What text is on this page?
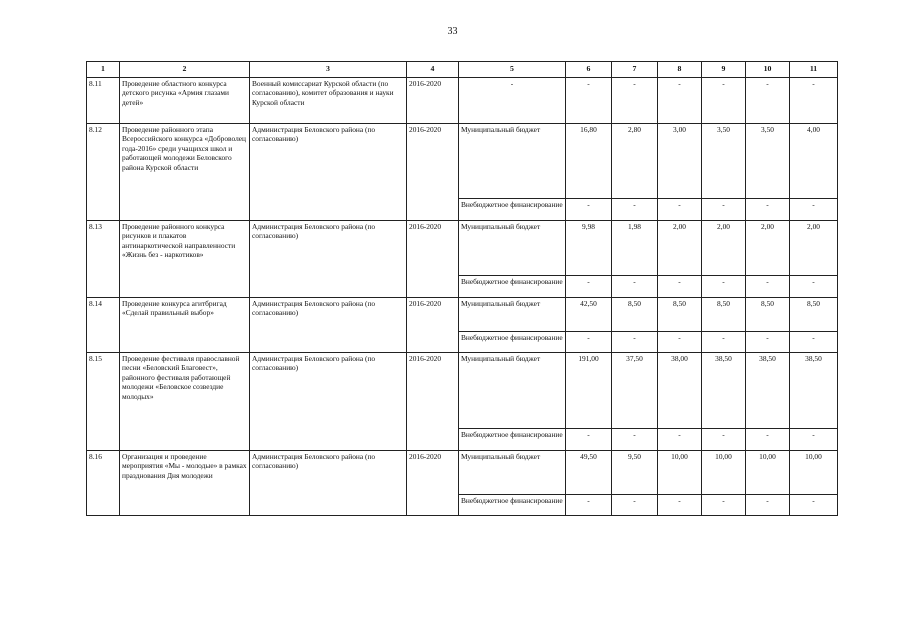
33
1	2	3	4	5	6	7	8	9	10	11
8.11	Проведение областного конкурса детского рисунка «Армия глазами детей»	Военный комиссариат Курской области (по согласованию), комитет образования и науки Курской области	2016-2020	-	-	-	-	-	-	-
8.12	Проведение районного этапа Всероссийского конкурса «Доброволец года-2016» среди учащихся школ и работающей молодежи Беловского района Курской области	Администрация Беловского района (по согласованию)	2016-2020	Муниципальный бюджет	16,80	2,80	3,00	3,50	3,50	4,00
				Внебюджетное финансирование	-	-	-	-	-	-
8.13	Проведение районного конкурса рисунков и плакатов антинаркотической направленности «Жизнь без - наркотиков»	Администрация Беловского района (по согласованию)	2016-2020	Муниципальный бюджет	9,98	1,98	2,00	2,00	2,00	2,00
				Внебюджетное финансирование	-	-	-	-	-	-
8.14	Проведение конкурса агитбригад «Сделай правильный выбор»	Администрация Беловского района (по согласованию)	2016-2020	Муниципальный бюджет	42,50	8,50	8,50	8,50	8,50	8,50
				Внебюджетное финансирование	-	-	-	-	-	-
8.15	Проведение фестиваля православной песни «Беловский Благовест», районного фестиваля работающей молодежи «Беловское созвездие молодых»	Администрация Беловского района (по согласованию)	2016-2020	Муниципальный бюджет	191,00	37,50	38,00	38,50	38,50	38,50
				Внебюджетное финансирование	-	-	-	-	-	-
8.16	Организация и проведение мероприятия «Мы - молодые» в рамках празднования Дня молодежи	Администрация Беловского района (по согласованию)	2016-2020	Муниципальный бюджет	49,50	9,50	10,00	10,00	10,00	10,00
				Внебюджетное финансирование	-	-	-	-	-	-
